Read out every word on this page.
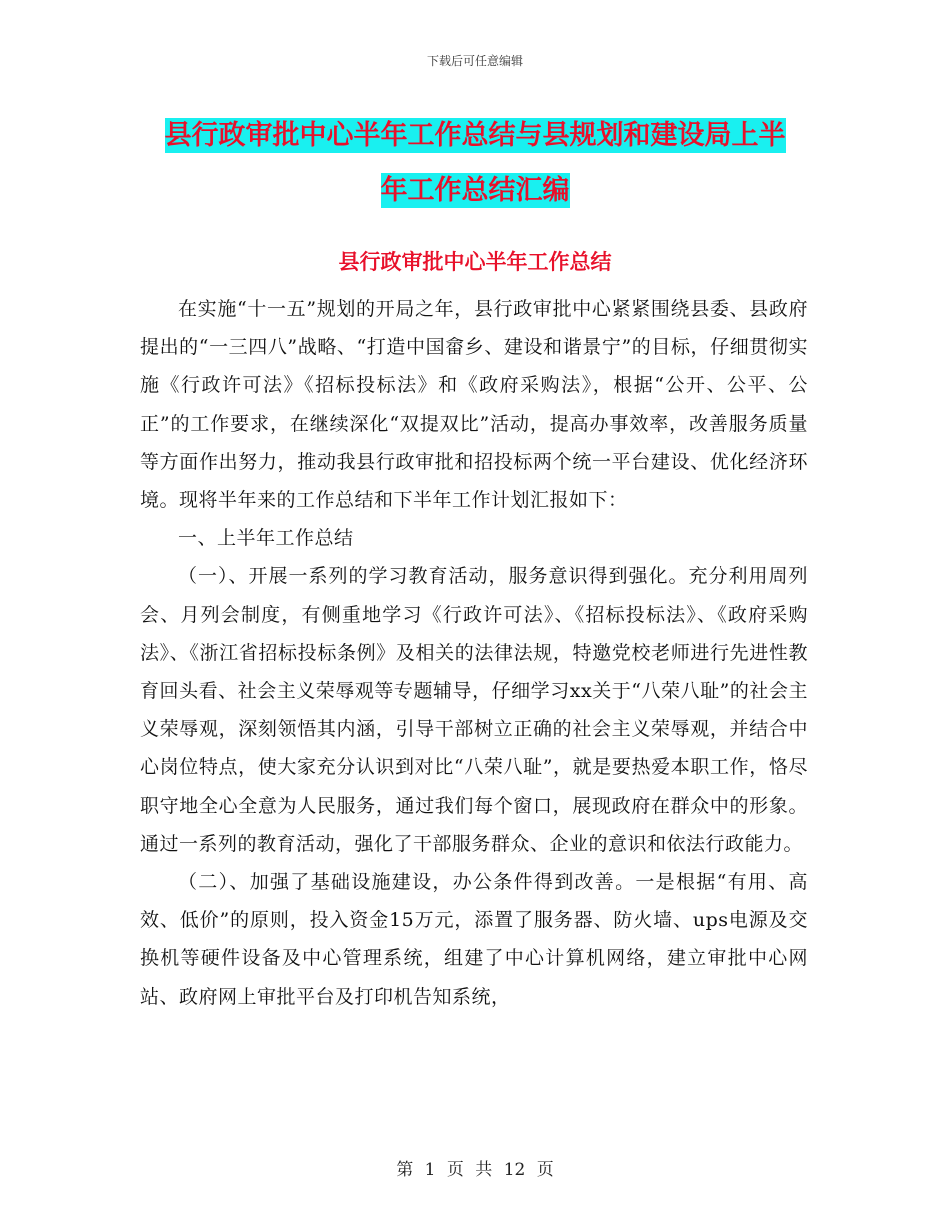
下载后可任意编辑
县行政审批中心半年工作总结与县规划和建设局上半
年工作总结汇编
县行政审批中心半年工作总结

在实施“十一五”规划的开局之年，县行政审批中心紧紧围绕县委、县政府提出的“一三四八”战略、“打造中国畲乡、建设和谐景宁”的目标，仔细贯彻实施《行政许可法》《招标投标法》和《政府采购法》，根据“公开、公平、公正”的工作要求，在继续深化“双提双比”活动，提高办事效率，改善服务质量等方面作出努力，推动我县行政审批和招投标两个统一平台建设、优化经济环境。现将半年来的工作总结和下半年工作计划汇报如下：

一、上半年工作总结

（一）、开展一系列的学习教育活动，服务意识得到强化。充分利用周列会、月列会制度，有侧重地学习《行政许可法》、《招标投标法》、《政府采购法》、《浙江省招标投标条例》及相关的法律法规，特邀党校老师进行先进性教育回头看、社会主义荣辱观等专题辅导，仔细学习xx关于“八荣八耻”的社会主义荣辱观，深刻领悟其内涵，引导干部树立正确的社会主义荣辱观，并结合中心岗位特点，使大家充分认识到对比“八荣八耻”，就是要热爱本职工作，恪尽职守地全心全意为人民服务，通过我们每个窗口，展现政府在群众中的形象。通过一系列的教育活动，强化了干部服务群众、企业的意识和依法行政能力。

（二）、加强了基础设施建设，办公条件得到改善。一是根据“有用、高效、低价”的原则，投入资金15万元，添置了服务器、防火墙、ups电源及交换机等硬件设备及中心管理系统，组建了中心计算机网络，建立审批中心网站、政府网上审批平台及打印机告知系统，

第 1 页 共 12 页
